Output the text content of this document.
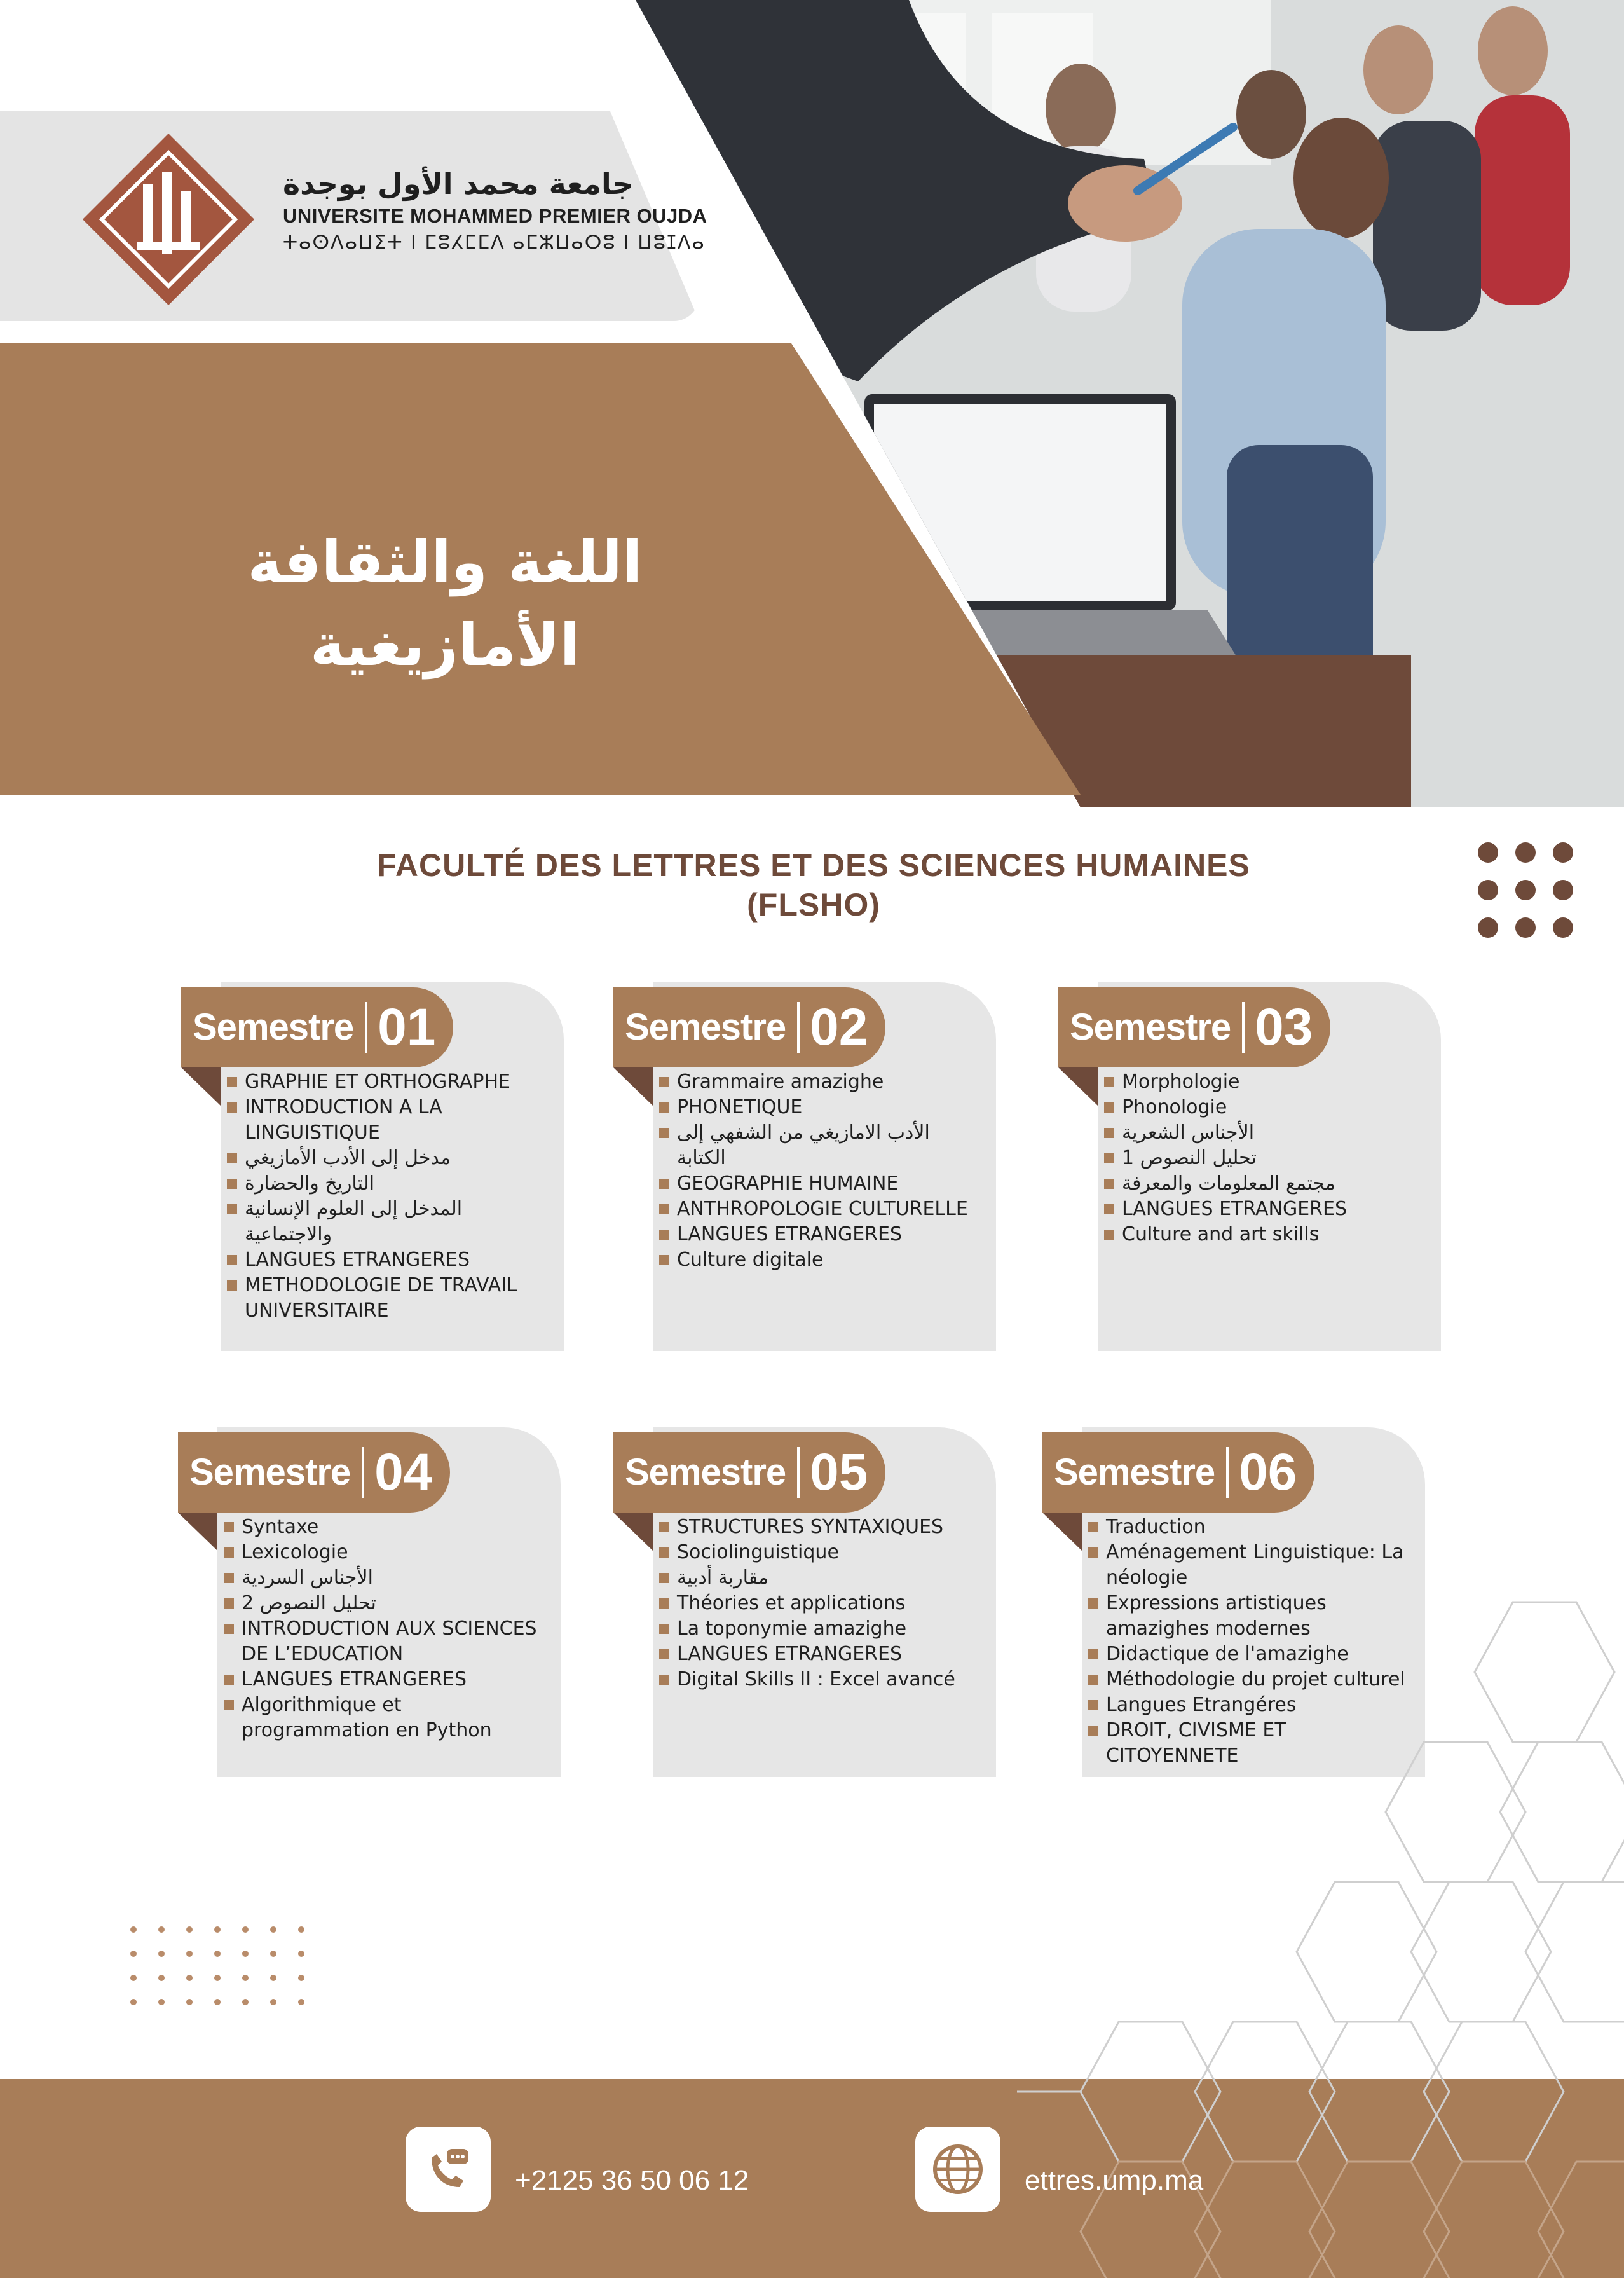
اللغة والثقافة
الأمازيغية
جامعة محمد الأول بوجدة
UNIVERSITE MOHAMMED PREMIER OUJDA
ⵜⴰⵙⴷⴰⵡⵉⵜ ⵏ ⵎⵓⵃⵎⵎⴷ ⴰⵎⵣⵡⴰⵔⵓ ⵏ ⵡⵓⵊⴷⴰ
FACULTÉ DES LETTRES ET DES SCIENCES HUMAINES
(FLSHO)
Semestre 01
GRAPHIE ET ORTHOGRAPHE
INTRODUCTION A LA LINGUISTIQUE
مدخل إلى الأدب الأمازيغي
التاريخ والحضارة
المدخل إلى العلوم الإنسانية والاجتماعية
LANGUES ETRANGERES
METHODOLOGIE DE TRAVAIL UNIVERSITAIRE
Semestre 02
Grammaire amazighe
PHONETIQUE
الأدب الامازيغي من الشفهي إلى الكتابة
GEOGRAPHIE HUMAINE
ANTHROPOLOGIE CULTURELLE
LANGUES ETRANGERES
Culture digitale
Semestre 03
Morphologie
Phonologie
الأجناس الشعرية
تحليل النصوص 1
مجتمع المعلومات والمعرفة
LANGUES ETRANGERES
Culture and art skills
Semestre 04
Syntaxe
Lexicologie
الأجناس السردية
تحليل النصوص 2
INTRODUCTION AUX SCIENCES DE L’EDUCATION
LANGUES ETRANGERES
Algorithmique et programmation en Python
Semestre 05
STRUCTURES SYNTAXIQUES
Sociolinguistique
مقاربة أدبية
Théories et applications
La toponymie amazighe
LANGUES ETRANGERES
Digital Skills II : Excel avancé
Semestre 06
Traduction
Aménagement Linguistique: La néologie
Expressions artistiques amazighes modernes
Didactique de l'amazighe
Méthodologie du projet culturel
Langues Etrangéres
DROIT, CIVISME ET CITOYENNETE
+2125 36 50 06 12	ettres.ump.ma
